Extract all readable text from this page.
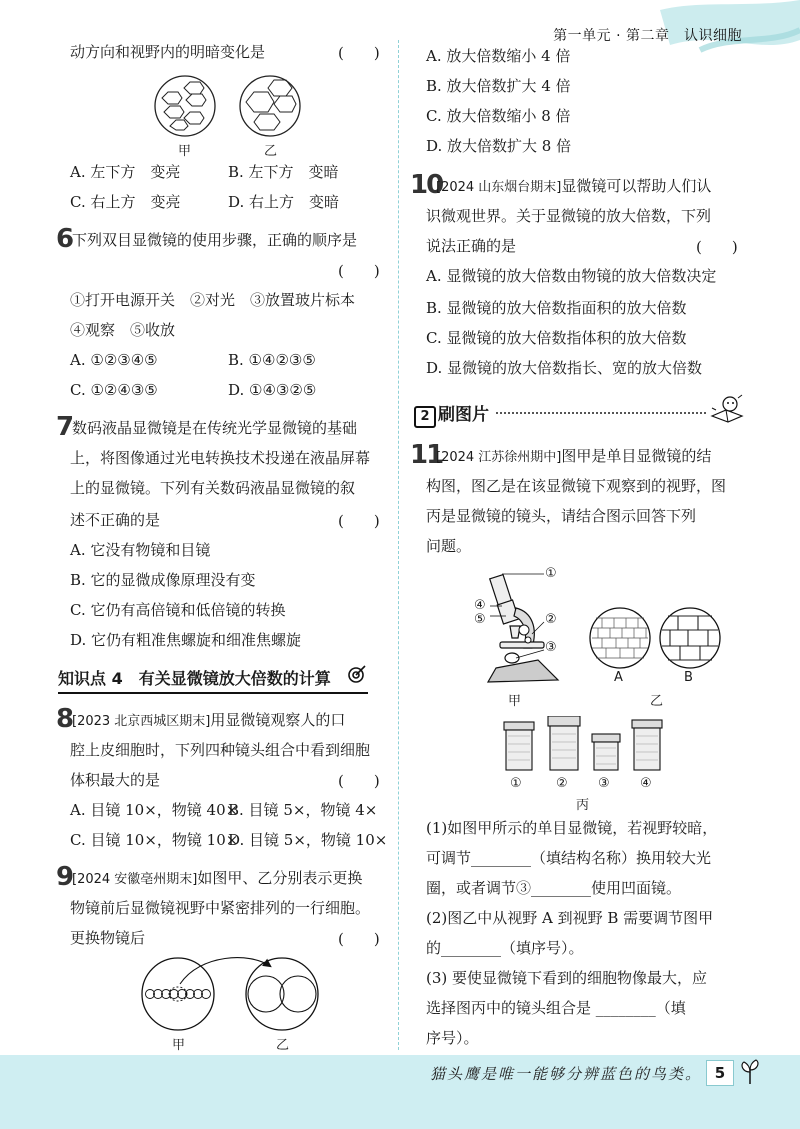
第一单元 · 第二章　认识细胞
动方向和视野内的明暗变化是	(　　)
甲	乙
A. 左下方　变亮	B. 左下方　变暗
C. 右上方　变亮	D. 右上方　变暗
6 下列双目显微镜的使用步骤，正确的顺序是
(　　)
①打开电源开关　②对光　③放置玻片标本
④观察　⑤收放
A. ①②③④⑤	B. ①④②③⑤
C. ①②④③⑤	D. ①④③②⑤
7 数码液晶显微镜是在传统光学显微镜的基础
上，将图像通过光电转换技术投递在液晶屏幕
上的显微镜。下列有关数码液晶显微镜的叙
述不正确的是	(　　)
A. 它没有物镜和目镜
B. 它的显微成像原理没有变
C. 它仍有高倍镜和低倍镜的转换
D. 它仍有粗准焦螺旋和细准焦螺旋
知识点 4　有关显微镜放大倍数的计算
8 [2023 北京西城区期末]用显微镜观察人的口
腔上皮细胞时，下列四种镜头组合中看到细胞
体积最大的是	(　　)
A. 目镜 10×，物镜 40×
B. 目镜 5×，物镜 4×
C. 目镜 10×，物镜 10×
D. 目镜 5×，物镜 10×
9 [2024 安徽亳州期末]如图甲、乙分别表示更换
物镜前后显微镜视野中紧密排列的一行细胞。
更换物镜后	(　　)
甲	乙
A. 放大倍数缩小 4 倍
B. 放大倍数扩大 4 倍
C. 放大倍数缩小 8 倍
D. 放大倍数扩大 8 倍
10
[2024 山东烟台期末]显微镜可以帮助人们认
识微观世界。关于显微镜的放大倍数，下列
说法正确的是	(　　)
A. 显微镜的放大倍数由物镜的放大倍数决定
B. 显微镜的放大倍数指面积的放大倍数
C. 显微镜的放大倍数指体积的放大倍数
D. 显微镜的放大倍数指长、宽的放大倍数
2 刷图片
11
[2024 江苏徐州期中]图甲是单目显微镜的结
构图，图乙是在该显微镜下观察到的视野，图
丙是显微镜的镜头，请结合图示回答下列
问题。
①
②
③
④
⑤
甲
A	B
乙
①	② ③ ④
丙
(1)如图甲所示的单目显微镜，若视野较暗，
可调节________（填结构名称）换用较大光
圈，或者调节③________使用凹面镜。
(2)图乙中从视野 A 到视野 B 需要调节图甲
的________（填序号）。
(3) 要使显微镜下看到的细胞物像最大，应
选择图丙中的镜头组合是 ________（填
序号）。
猫头鹰是唯一能够分辨蓝色的鸟类。 5
